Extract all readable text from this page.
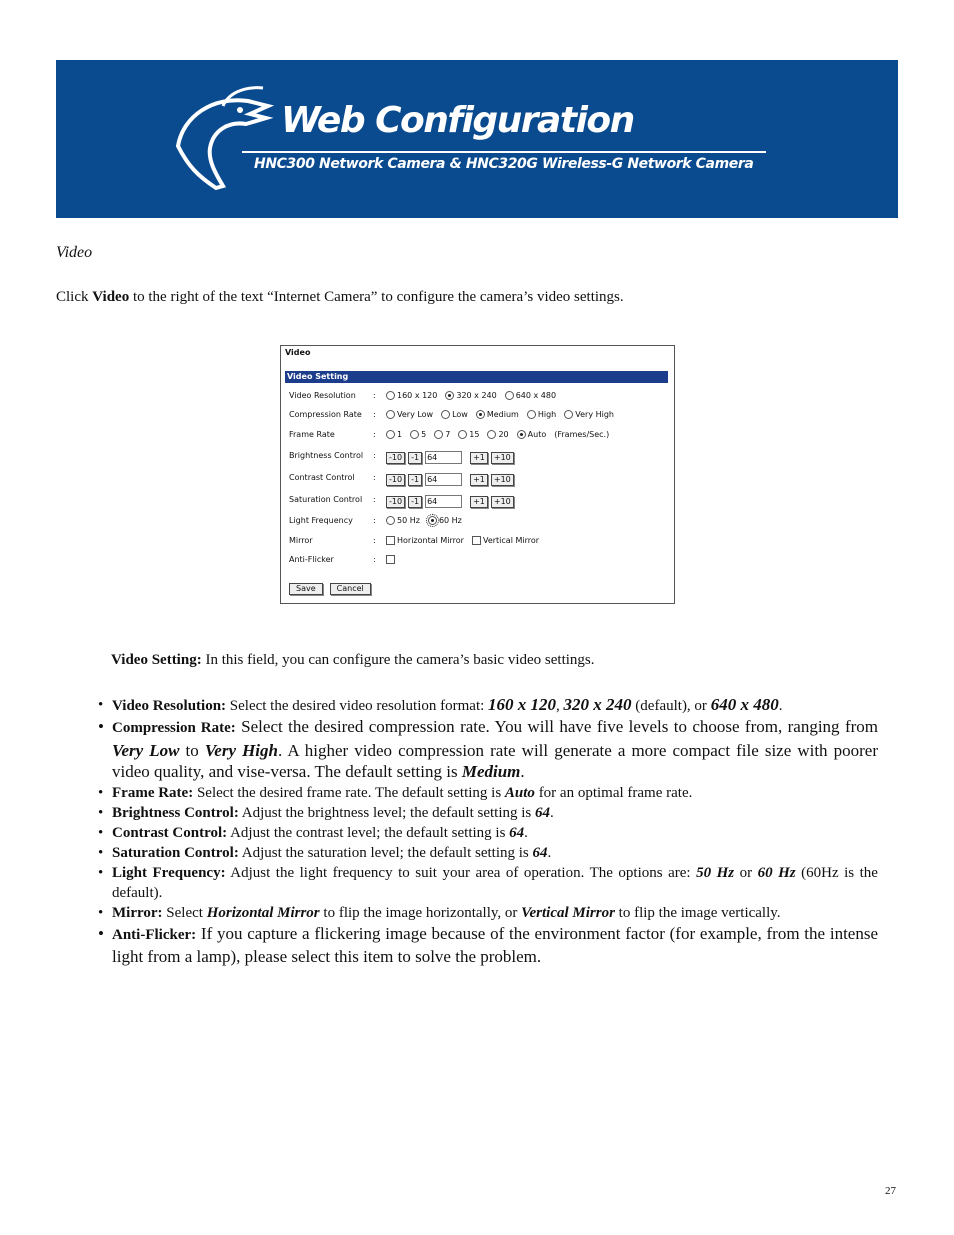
Web Configuration
HNC300 Network Camera & HNC320G Wireless-G Network Camera
Video
Click Video to the right of the text “Internet Camera” to configure the camera’s video settings.
Video
Video Setting
Video Resolution	:	160 x 120 320 x 240 640 x 480
Compression Rate	:	Very Low Low Medium High Very High
Frame Rate	:	1 5 7 15 20 Auto (Frames/Sec.)
Brightness Control	:	-10	-1	64	+1	+10
Contrast Control	:	-10	-1	64	+1	+10
Saturation Control	:	-10	-1	64	+1	+10
Light Frequency	:	50 Hz 60 Hz
Mirror	:	Horizontal Mirror Vertical Mirror
Anti-Flicker	:
Save	Cancel
Video Setting: In this field, you can configure the camera’s basic video settings.
• Video Resolution: Select the desired video resolution format: 160 x 120, 320 x 240 (default), or 640 x 480.
• Compression Rate: Select the desired compression rate. You will have five levels to choose from, ranging from Very Low to Very High. A higher video compression rate will generate a more compact file size with poorer video quality, and vise-versa. The default setting is Medium.
• Frame Rate: Select the desired frame rate. The default setting is Auto for an optimal frame rate.
• Brightness Control: Adjust the brightness level; the default setting is 64.
• Contrast Control: Adjust the contrast level; the default setting is 64.
• Saturation Control: Adjust the saturation level; the default setting is 64.
• Light Frequency: Adjust the light frequency to suit your area of operation. The options are: 50 Hz or 60 Hz (60Hz is the default).
• Mirror: Select Horizontal Mirror to flip the image horizontally, or Vertical Mirror to flip the image vertically.
• Anti-Flicker: If you capture a flickering image because of the environment factor (for example, from the intense light from a lamp), please select this item to solve the problem.
27
